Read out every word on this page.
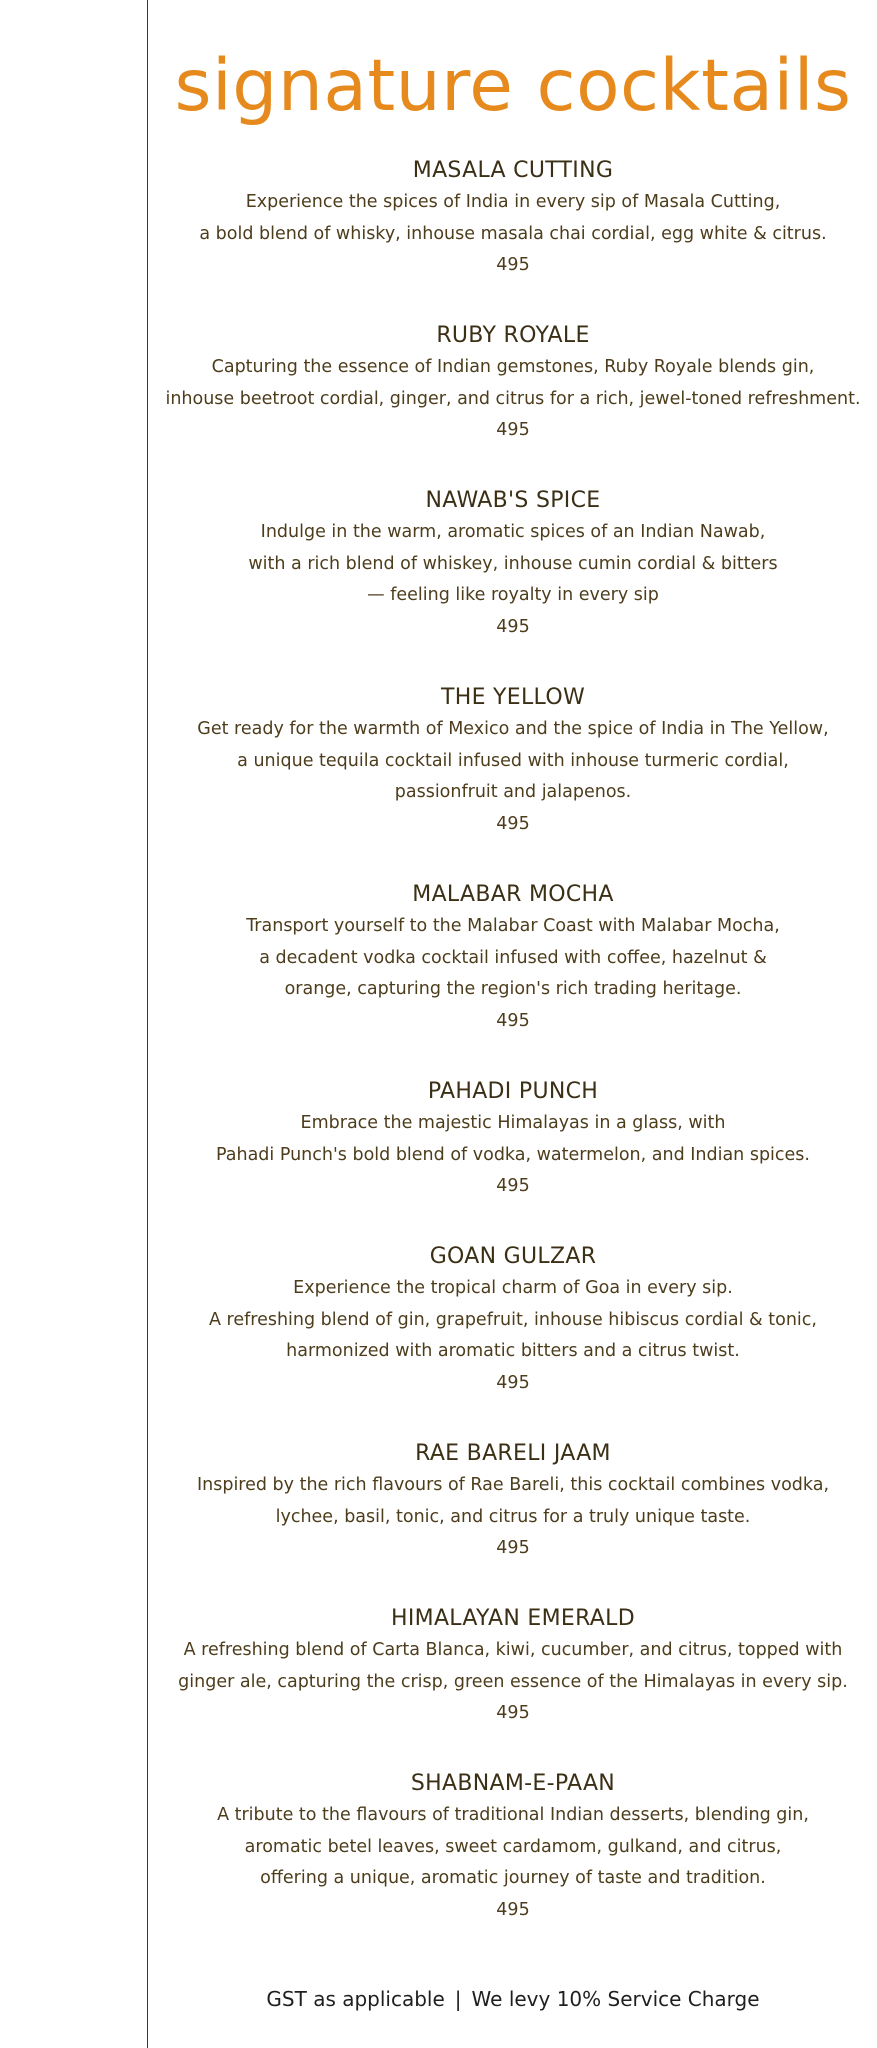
signature cocktails
MASALA CUTTING

Experience the spices of India in every sip of Masala Cutting,
a bold blend of whisky, inhouse masala chai cordial, egg white & citrus.

495

RUBY ROYALE

Capturing the essence of Indian gemstones, Ruby Royale blends gin,
inhouse beetroot cordial, ginger, and citrus for a rich, jewel-toned refreshment.

495

NAWAB'S SPICE

Indulge in the warm, aromatic spices of an Indian Nawab,
with a rich blend of whiskey, inhouse cumin cordial & bitters
— feeling like royalty in every sip

495

THE YELLOW

Get ready for the warmth of Mexico and the spice of India in The Yellow,
a unique tequila cocktail infused with inhouse turmeric cordial,
passionfruit and jalapenos.

495

MALABAR MOCHA

Transport yourself to the Malabar Coast with Malabar Mocha,
a decadent vodka cocktail infused with coffee, hazelnut &
orange, capturing the region's rich trading heritage.

495

PAHADI PUNCH

Embrace the majestic Himalayas in a glass, with
Pahadi Punch's bold blend of vodka, watermelon, and Indian spices.

495

GOAN GULZAR

Experience the tropical charm of Goa in every sip.
A refreshing blend of gin, grapefruit, inhouse hibiscus cordial & tonic,
harmonized with aromatic bitters and a citrus twist.

495

RAE BARELI JAAM

Inspired by the rich flavours of Rae Bareli, this cocktail combines vodka,
lychee, basil, tonic, and citrus for a truly unique taste.

495

HIMALAYAN EMERALD

A refreshing blend of Carta Blanca, kiwi, cucumber, and citrus, topped with
ginger ale, capturing the crisp, green essence of the Himalayas in every sip.

495

SHABNAM-E-PAAN

A tribute to the flavours of traditional Indian desserts, blending gin,
aromatic betel leaves, sweet cardamom, gulkand, and citrus,
offering a unique, aromatic journey of taste and tradition.

495

GST as applicable | We levy 10% Service Charge
